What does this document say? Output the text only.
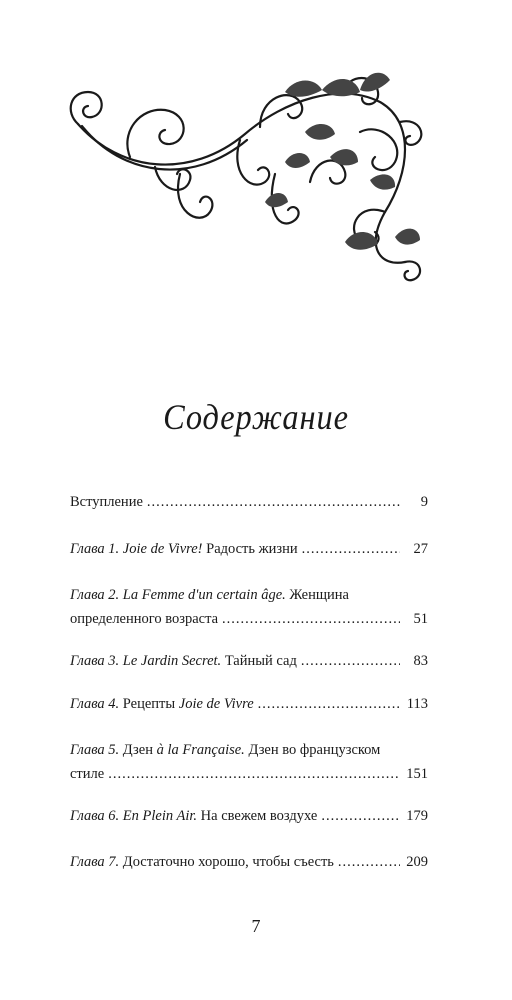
Содержание
Вступление .....	9
Глава 1. Joie de Vivre! Радость жизни .....	27
Глава 2. La Femme d'un certain âge. Женщина
определенного возраста .....	51
Глава 3. Le Jardin Secret. Тайный сад .....	83
Глава 4. Рецепты Joie de Vivre .....	113
Глава 5. Дзен à la Française. Дзен во французском
стиле .....	151
Глава 6. En Plein Air. На свежем воздухе .....	179
Глава 7. Достаточно хорошо, чтобы съесть .....	209
7
